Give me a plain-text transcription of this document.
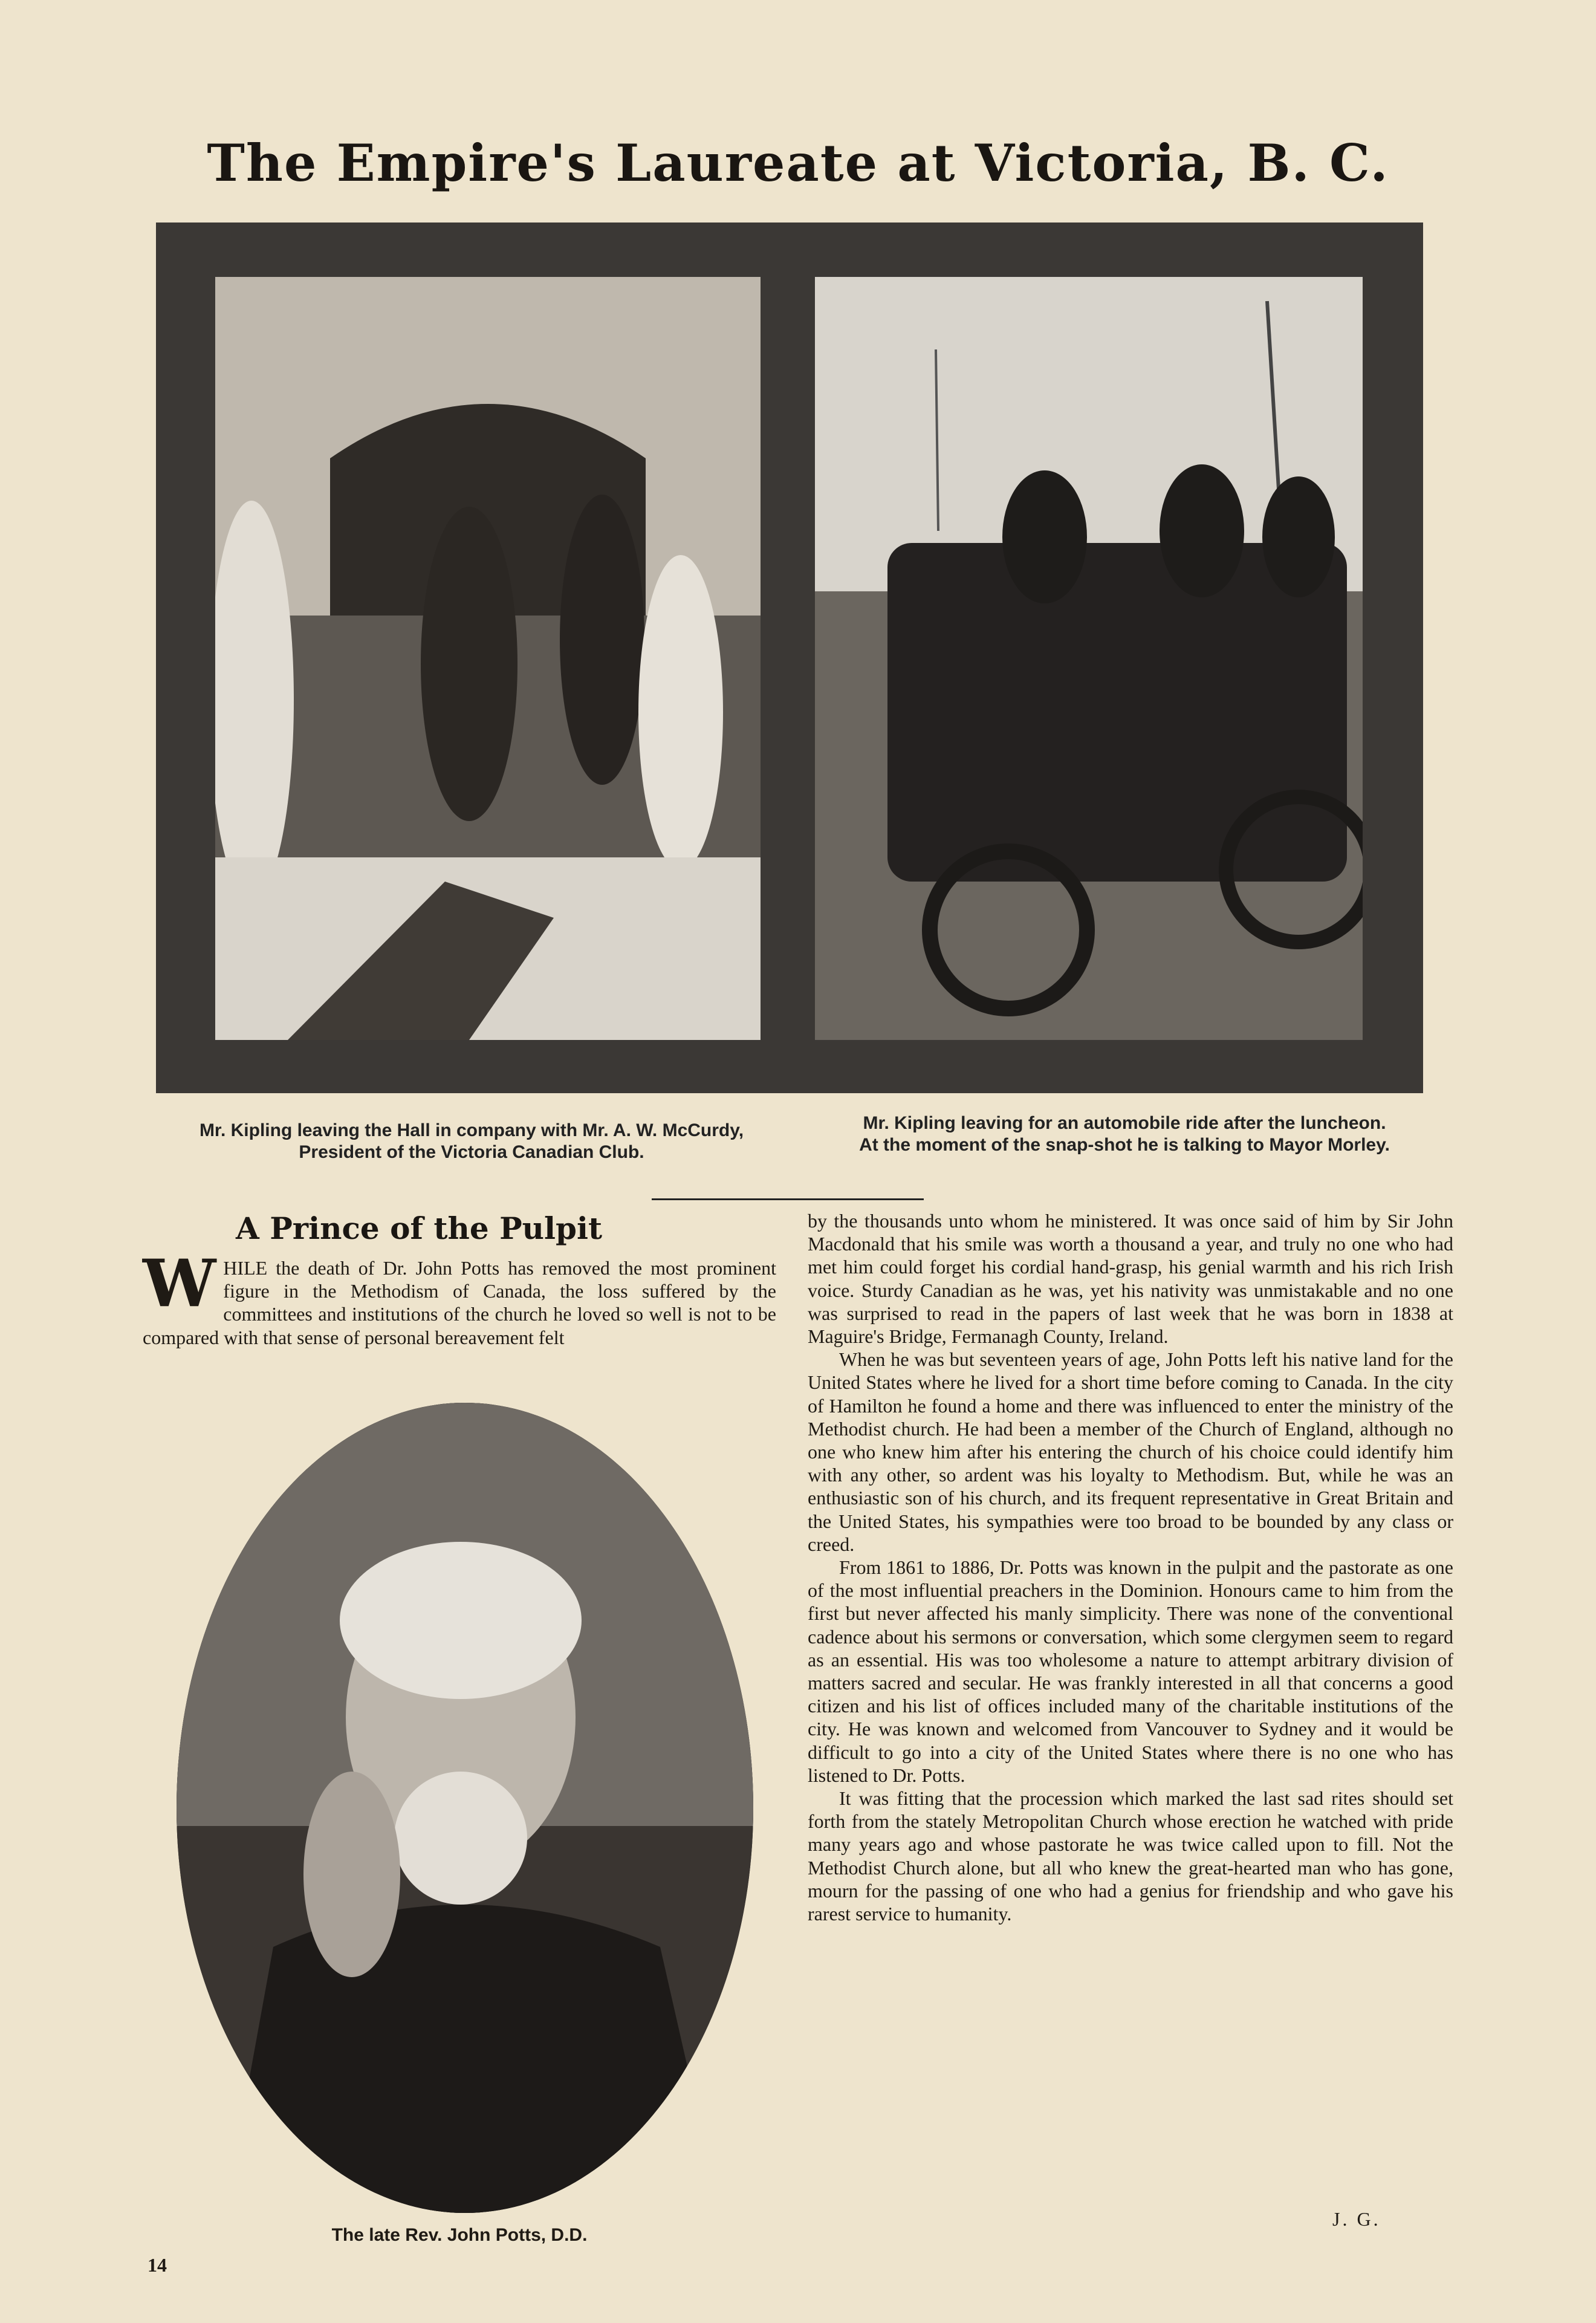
The Empire's Laureate at Victoria, B. C.
Mr. Kipling leaving the Hall in company with Mr. A. W. McCurdy, President of the Victoria Canadian Club.
Mr. Kipling leaving for an automobile ride after the luncheon. At the moment of the snap-shot he is talking to Mayor Morley.
A Prince of the Pulpit

WHILE the death of Dr. John Potts has removed the most prominent figure in the Methodism of Canada, the loss suffered by the committees and institutions of the church he loved so well is not to be compared with that sense of personal bereavement felt

The late Rev. John Potts, D.D.

by the thousands unto whom he ministered. It was once said of him by Sir John Macdonald that his smile was worth a thousand a year, and truly no one who had met him could forget his cordial hand-grasp, his genial warmth and his rich Irish voice. Sturdy Canadian as he was, yet his nativity was unmistakable and no one was surprised to read in the papers of last week that he was born in 1838 at Maguire's Bridge, Fermanagh County, Ireland.

When he was but seventeen years of age, John Potts left his native land for the United States where he lived for a short time before coming to Canada. In the city of Hamilton he found a home and there was influenced to enter the ministry of the Methodist church. He had been a member of the Church of England, although no one who knew him after his entering the church of his choice could identify him with any other, so ardent was his loyalty to Methodism. But, while he was an enthusiastic son of his church, and its frequent representative in Great Britain and the United States, his sympathies were too broad to be bounded by any class or creed.

From 1861 to 1886, Dr. Potts was known in the pulpit and the pastorate as one of the most influential preachers in the Dominion. Honours came to him from the first but never affected his manly simplicity. There was none of the conventional cadence about his sermons or conversation, which some clergymen seem to regard as an essential. His was too wholesome a nature to attempt arbitrary division of matters sacred and secular. He was frankly interested in all that concerns a good citizen and his list of offices included many of the charitable institutions of the city. He was known and welcomed from Vancouver to Sydney and it would be difficult to go into a city of the United States where there is no one who has listened to Dr. Potts.

It was fitting that the procession which marked the last sad rites should set forth from the stately Metropolitan Church whose erection he watched with pride many years ago and whose pastorate he was twice called upon to fill. Not the Methodist Church alone, but all who knew the great-hearted man who has gone, mourn for the passing of one who had a genius for friendship and who gave his rarest service to humanity.

J. G.
14
